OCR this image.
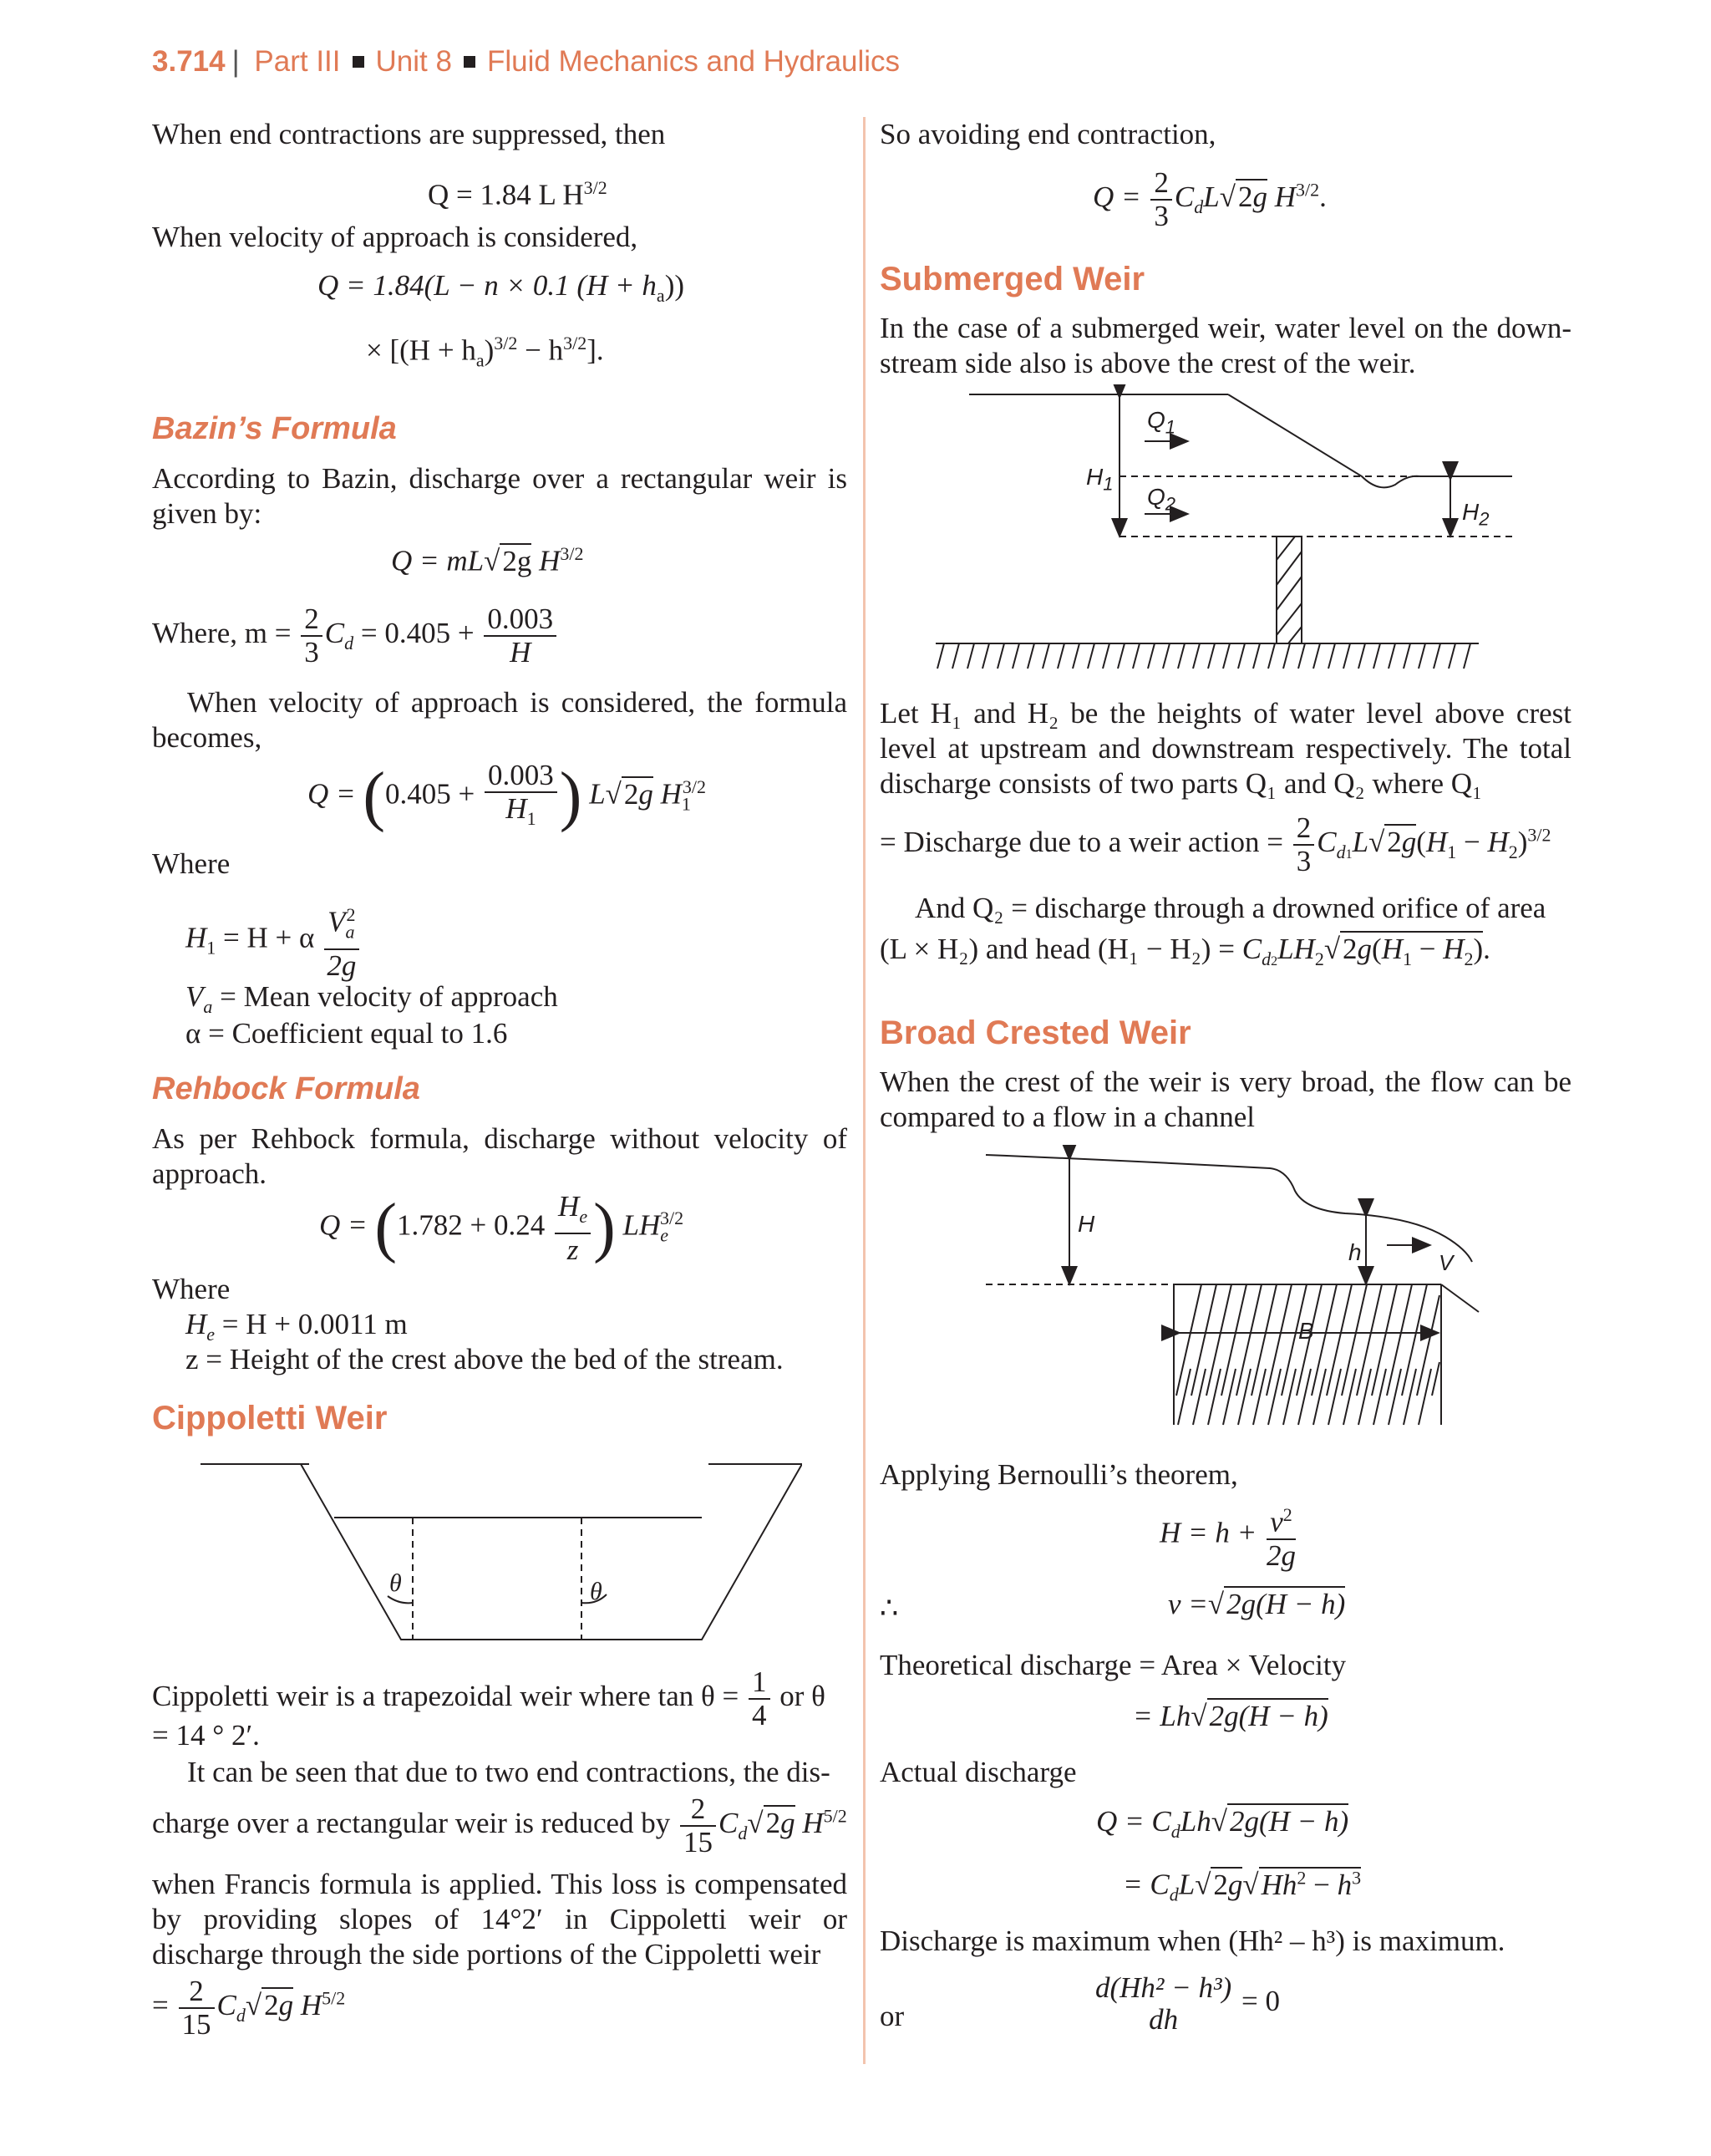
3.714 | Part III Unit 8 Fluid Mechanics and Hydraulics
When end contractions are suppressed, then
Q = 1.84 L $H^{3/2}$
When velocity of approach is considered,
Q = 1.84(L − n × 0.1 $(H + h_a)$)
× $[(H + h_a)^{3/2} - h^{3/2}]$.
Bazin’s Formula
According to Bazin, discharge over a rectangular weir is given by:
Q = mL√2g $H^{3/2}$
Where, $m = \frac{2}{3} C_d = 0.405 + \frac{0.003}{H}$
When velocity of approach is considered, the formula becomes,
$Q = (0.405 + \frac{0.003}{H_1}$ ) L√2g $H_1^{3/2}$
Where
$H_1 = H + \alpha \frac{V_a^2}{2g}$
$V_a$ = Mean velocity of approach
α = Coefficient equal to 1.6
Rehbock Formula
As per Rehbock formula, discharge without velocity of approach.
$Q = (1.782 + 0.24 \frac{H_e}{z}$ ) $LH_e^{3/2}$
Where
$H_e = H + 0.0011$ m
z = Height of the crest above the bed of the stream.
Cippoletti Weir
θ	θ
Cippoletti weir is a trapezoidal weir where $\tan \theta = \frac{1}{4}$ or θ
= 14 ° 2′.
It can be seen that due to two end contractions, the dis-
charge over a rectangular weir is reduced by $\frac{2}{15} C_d√2g$ $H^{5/2}$
when Francis formula is applied. This loss is compensated by providing slopes of 14°2′ in Cippoletti weir or discharge through the side portions of the Cippoletti weir
= $\frac{2}{15} C_d√2g$ $H^{5/2}$
So avoiding end contraction,
$Q = \frac{2}{3} C_dL√2g$ $H^{3/2}$.
Submerged Weir
In the case of a submerged weir, water level on the down-stream side also is above the crest of the weir.
$Q_1$
$Q_2$
$H_1$
$H_2$
Let H₁ and H₂ be the heights of water level above crest level at upstream and downstream respectively. The total discharge consists of two parts Q₁ and Q₂ where Q₁
= Discharge due to a weir action = $\frac{2}{3} C_{d1}L√2g(H_1 - H_2)^{3/2}$
And Q₂ = discharge through a drowned orifice of area
(L × H₂) and head $(H_1 - H_2) = C_{d2}LH_2√2g(H_1 - H_2)$.
Broad Crested Weir
When the crest of the weir is very broad, the flow can be compared to a flow in a channel
H
h	V
B
Applying Bernoulli’s theorem,
$H = h + \frac{v^2}{2g}$
∴	v =√2g(H − h)
Theoretical discharge = Area × Velocity
= Lh√2g(H − h)
Actual discharge
$Q = C_dLh√2g(H - h)$
= $C_dL√2g√Hh^2 - h^3$
Discharge is maximum when (Hh² – h³) is maximum.
or
d(Hh² − h³)
dh
= 0
